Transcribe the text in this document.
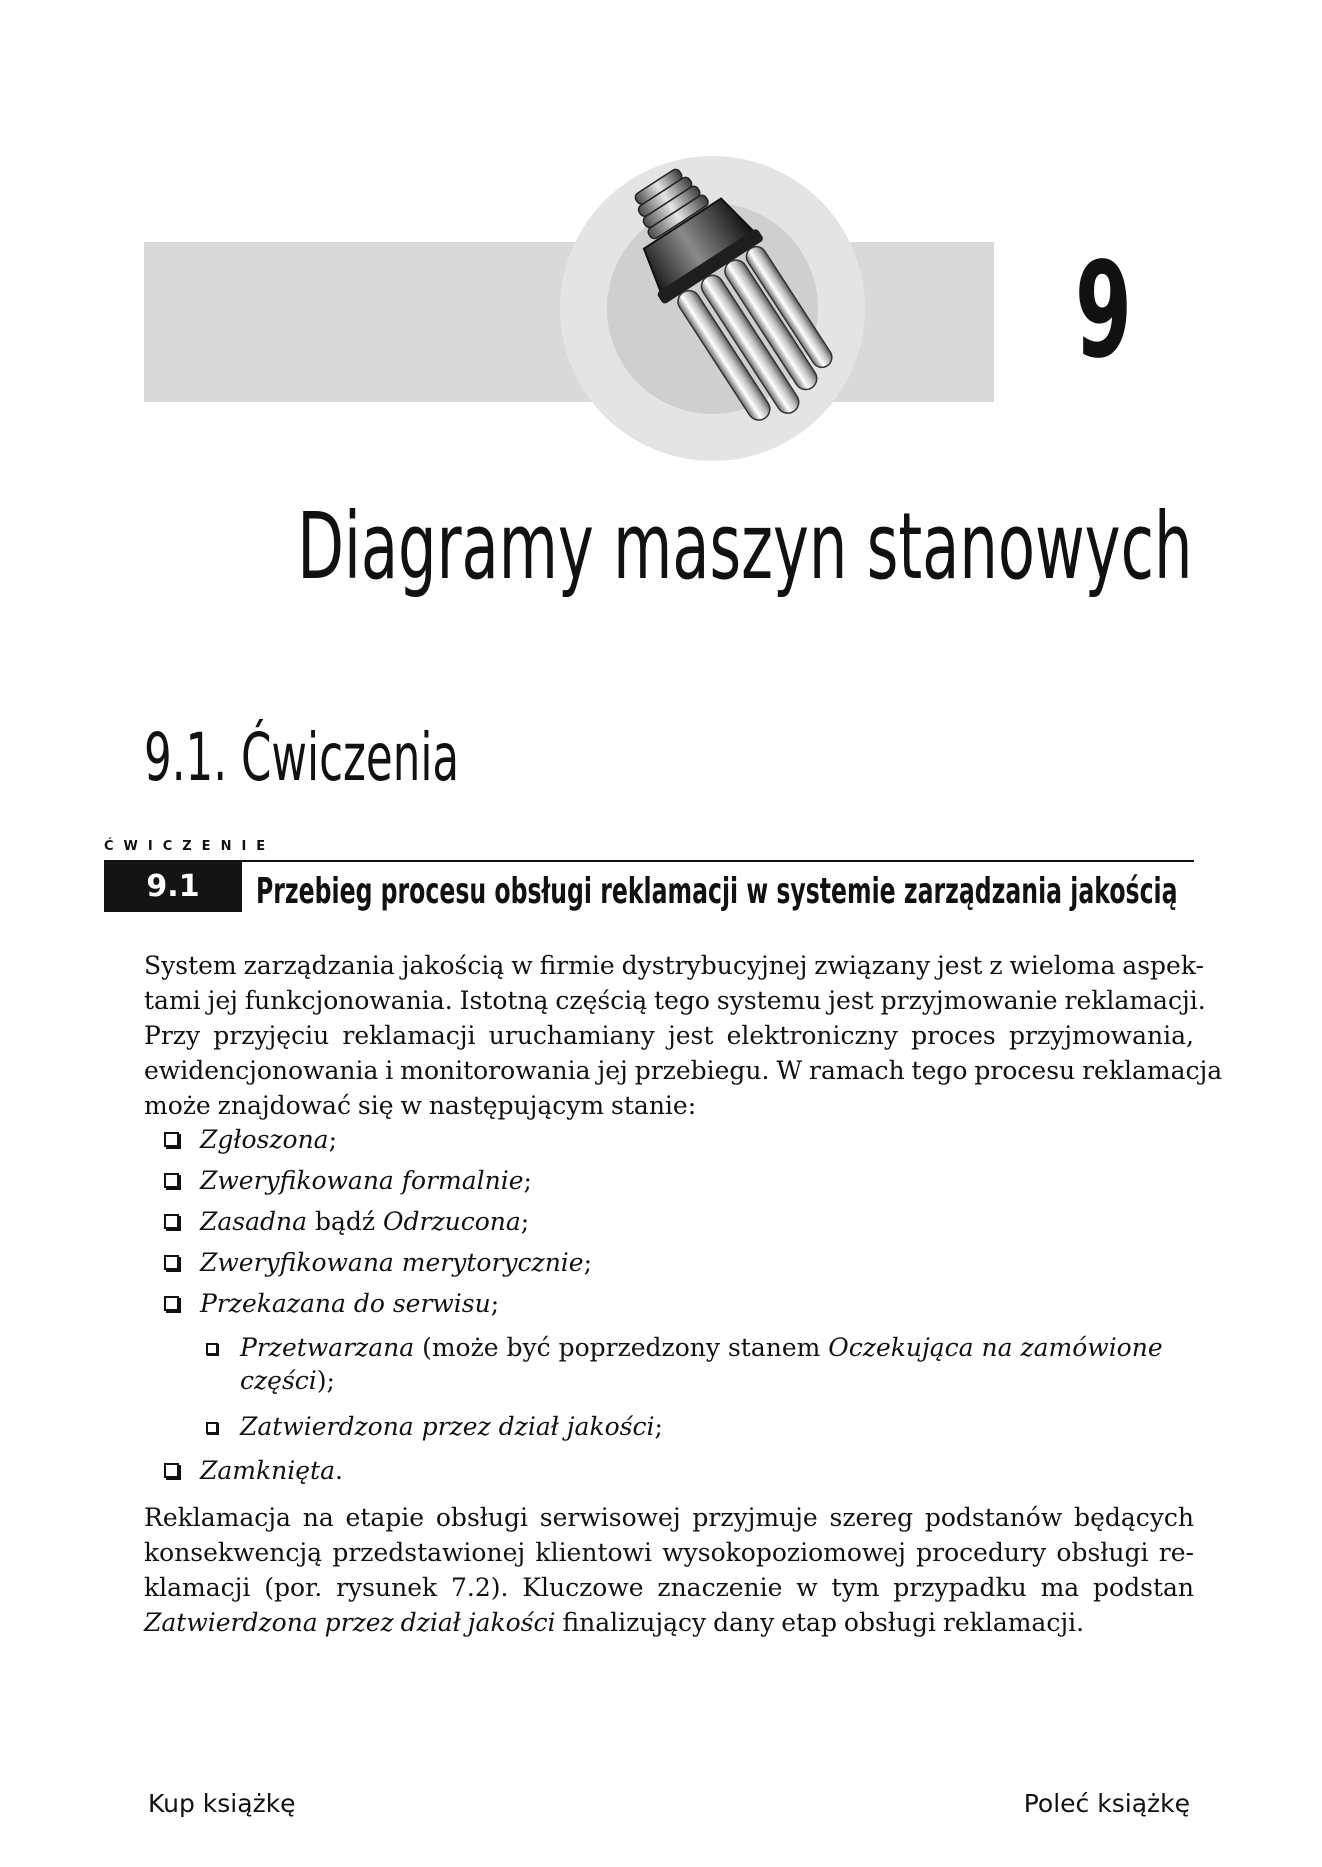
9
Diagramy maszyn stanowych
9.1. Ćwiczenia
ĆWICZENIE
9.1	Przebieg procesu obsługi reklamacji w systemie zarządzania jakością
System zarządzania jakością w firmie dystrybucyjnej związany jest z wieloma aspek-
tami jej funkcjonowania. Istotną częścią tego systemu jest przyjmowanie reklamacji.
Przy przyjęciu reklamacji uruchamiany jest elektroniczny proces przyjmowania,
ewidencjonowania i monitorowania jej przebiegu. W ramach tego procesu reklamacja
może znajdować się w następującym stanie:
Zgłoszona;
Zweryfikowana formalnie;
Zasadna bądź Odrzucona;
Zweryfikowana merytorycznie;
Przekazana do serwisu;
Przetwarzana (może być poprzedzony stanem Oczekująca na zamówione
części);
Zatwierdzona przez dział jakości;
Zamknięta.
Reklamacja na etapie obsługi serwisowej przyjmuje szereg podstanów będących
konsekwencją przedstawionej klientowi wysokopoziomowej procedury obsługi re-
klamacji (por. rysunek 7.2). Kluczowe znaczenie w tym przypadku ma podstan
Zatwierdzona przez dział jakości finalizujący dany etap obsługi reklamacji.
Kup książkę	Poleć książkę
